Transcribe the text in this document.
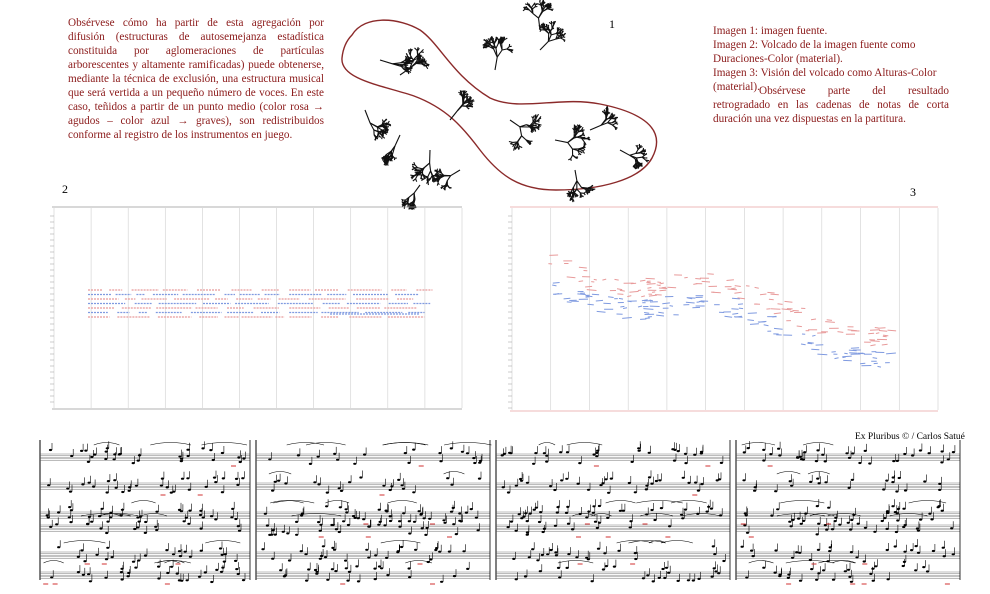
Obsérvese cómo ha partir de esta agregación por difusión (estructuras de autosemejanza estadística constituida por aglomeraciones de partículas arborescentes y altamente ramificadas) puede obtenerse, mediante la técnica de exclusión, una estructura musical que será vertida a un pequeño número de voces. En este caso, teñidos a partir de un punto medio (color rosa → agudos – color azul → graves), son redistribuidos conforme al registro de los instrumentos en juego.

Imagen 1: imagen fuente.
Imagen 2: Volcado de la imagen fuente como Duraciones-Color (material).
Imagen 3: Visión del volcado como Alturas-Color (material). Obsérvese parte del resultado retrogradado en las cadenas de notas de corta duración una vez dispuestas en la partitura.

1
2	3
Ex Pluribus © / Carlos Satué
